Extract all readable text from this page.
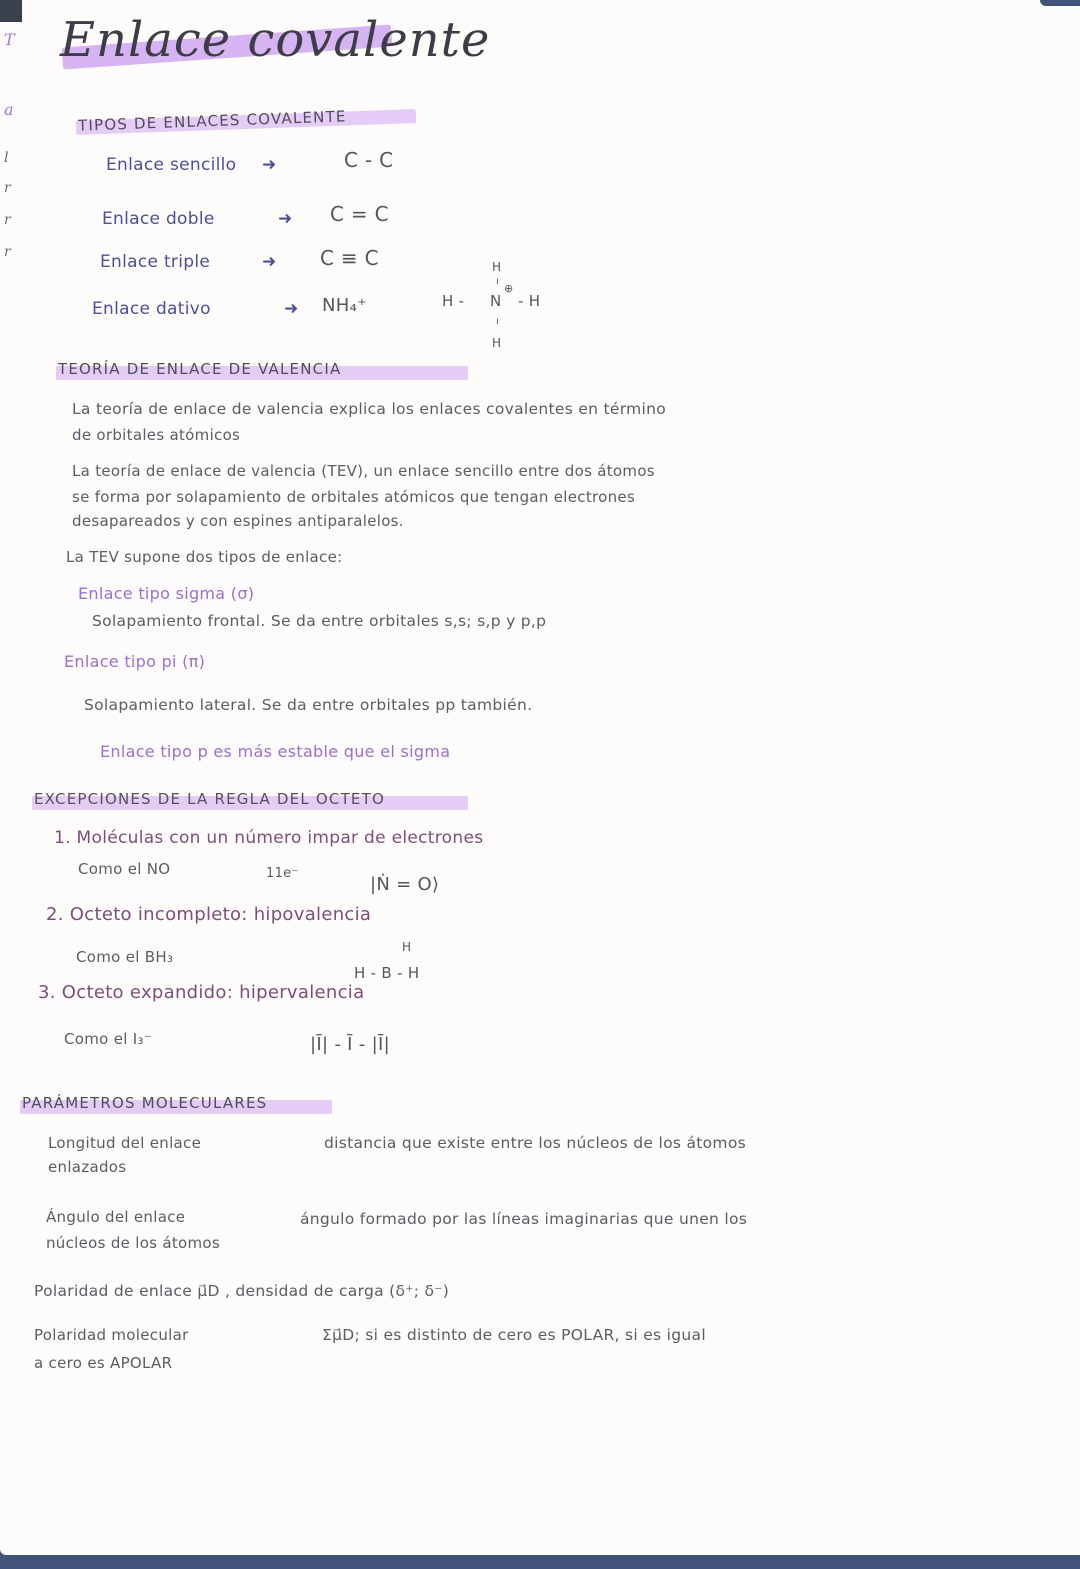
T
a
l
r
r
r
Enlace covalente
TIPOS DE ENLACES COVALENTE
Enlace sencillo ➜	C - C
Enlace doble	➜ C = C
Enlace triple	➜ C ≡ C
Enlace dativo	➜ NH₄⁺
H
ı
H - N
⊕
- H
ı
H
TEORÍA DE ENLACE DE VALENCIA
La teoría de enlace de valencia explica los enlaces covalentes en término
de orbitales atómicos
La teoría de enlace de valencia (TEV), un enlace sencillo entre dos átomos
se forma por solapamiento de orbitales atómicos que tengan electrones
desapareados y con espines antiparalelos.
La TEV supone dos tipos de enlace:
Enlace tipo sigma (σ)
Solapamiento frontal. Se da entre orbitales s,s; s,p y p,p
Enlace tipo pi (π)
Solapamiento lateral. Se da entre orbitales pp también.
Enlace tipo p es más estable que el sigma
EXCEPCIONES DE LA REGLA DEL OCTETO
1. Moléculas con un número impar de electrones
Como el NO	11e⁻
|Ṅ = O⟩
2. Octeto incompleto: hipovalencia
Como el BH₃
H
H - B - H
3. Octeto expandido: hipervalencia
Como el I₃⁻	|Ī| - Ī - |Ī|
PARÁMETROS MOLECULARES
Longitud del enlace	distancia que existe entre los núcleos de los átomos
enlazados
Ángulo del enlace	ángulo formado por las líneas imaginarias que unen los
núcleos de los átomos
Polaridad de enlace μ⃗D , densidad de carga (δ⁺; δ⁻)
Polaridad molecular	Σμ⃗D; si es distinto de cero es POLAR, si es igual
a cero es APOLAR
